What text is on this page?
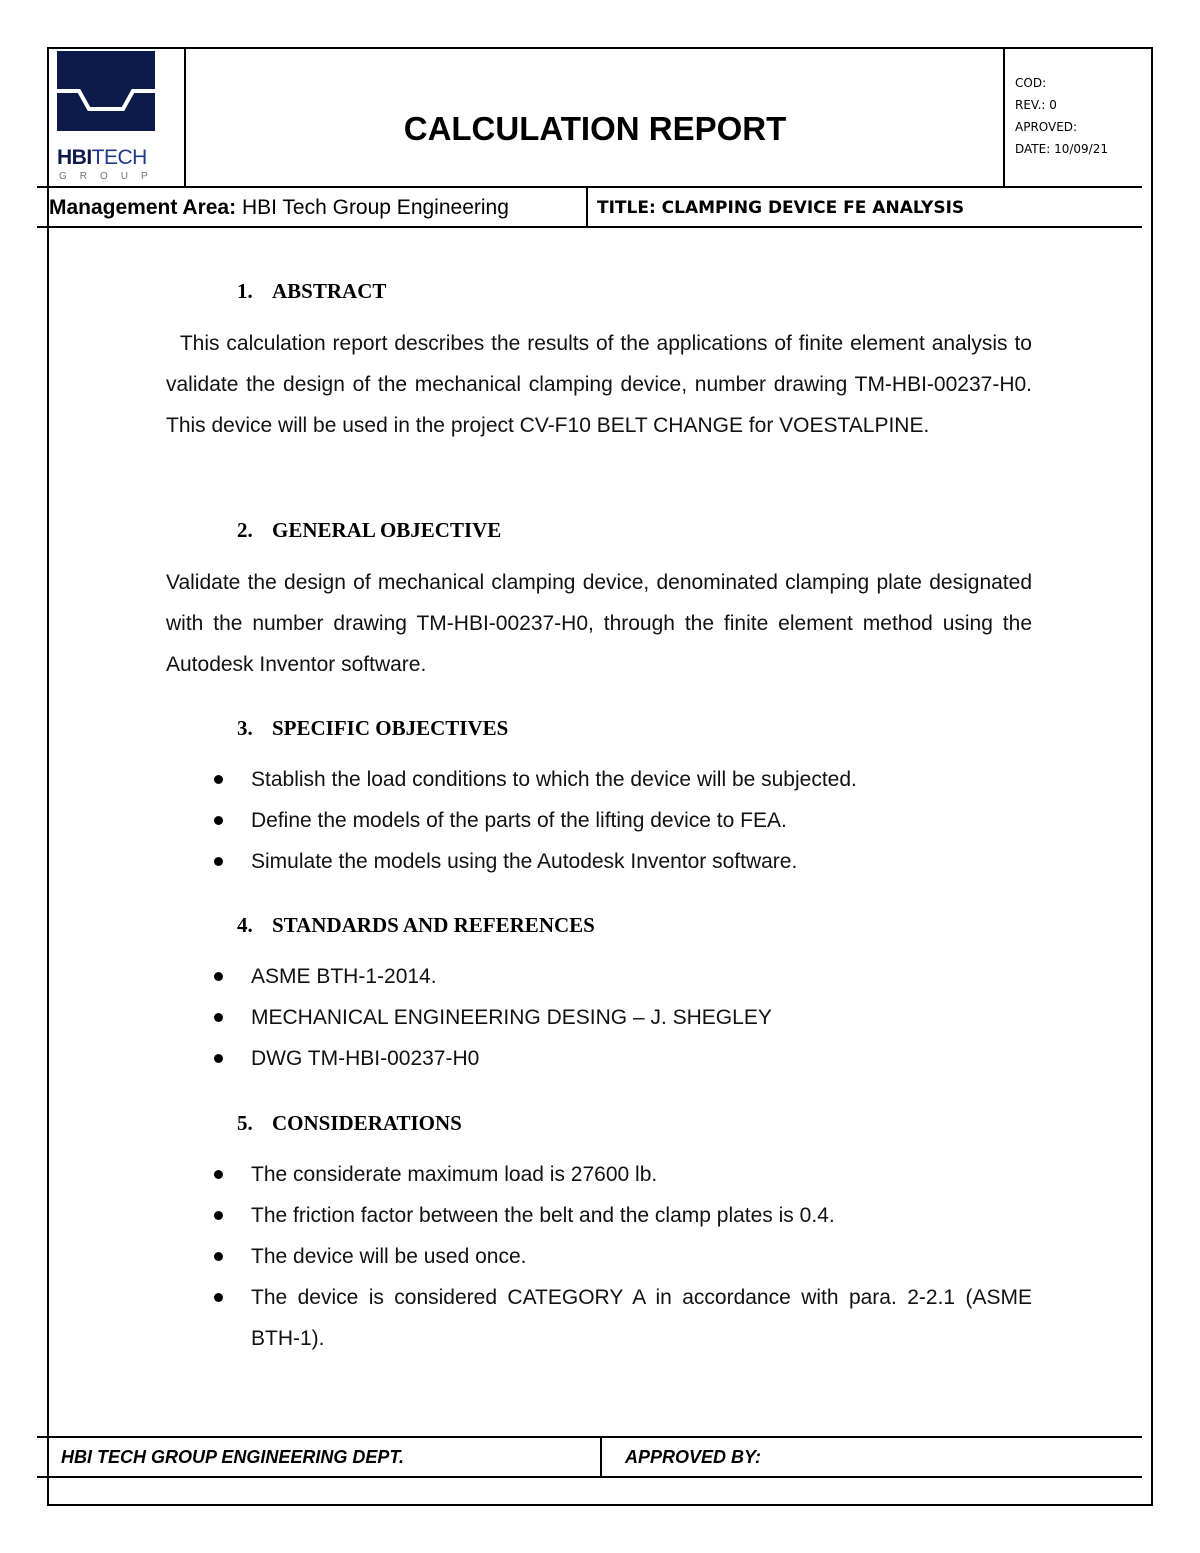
HBITECH
GROUP
CALCULATION REPORT
COD:
REV.: 0
APROVED:
DATE: 10/09/21
Management Area: HBI Tech Group Engineering	TITLE: CLAMPING DEVICE FE ANALYSIS
1. ABSTRACT
This calculation report describes the results of the applications of finite element analysis to validate the design of the mechanical clamping device, number drawing TM-HBI-00237-H0. This device will be used in the project CV-F10 BELT CHANGE for VOESTALPINE.
2. GENERAL OBJECTIVE
Validate the design of mechanical clamping device, denominated clamping plate designated with the number drawing TM-HBI-00237-H0, through the finite element method using the Autodesk Inventor software.
3. SPECIFIC OBJECTIVES
Stablish the load conditions to which the device will be subjected.
Define the models of the parts of the lifting device to FEA.
Simulate the models using the Autodesk Inventor software.
4. STANDARDS AND REFERENCES
ASME BTH-1-2014.
MECHANICAL ENGINEERING DESING – J. SHEGLEY
DWG TM-HBI-00237-H0
5. CONSIDERATIONS
The considerate maximum load is 27600 lb.
The friction factor between the belt and the clamp plates is 0.4.
The device will be used once.
The device is considered CATEGORY A in accordance with para. 2-2.1 (ASME BTH-1).
HBI TECH GROUP ENGINEERING DEPT.	APPROVED BY:
